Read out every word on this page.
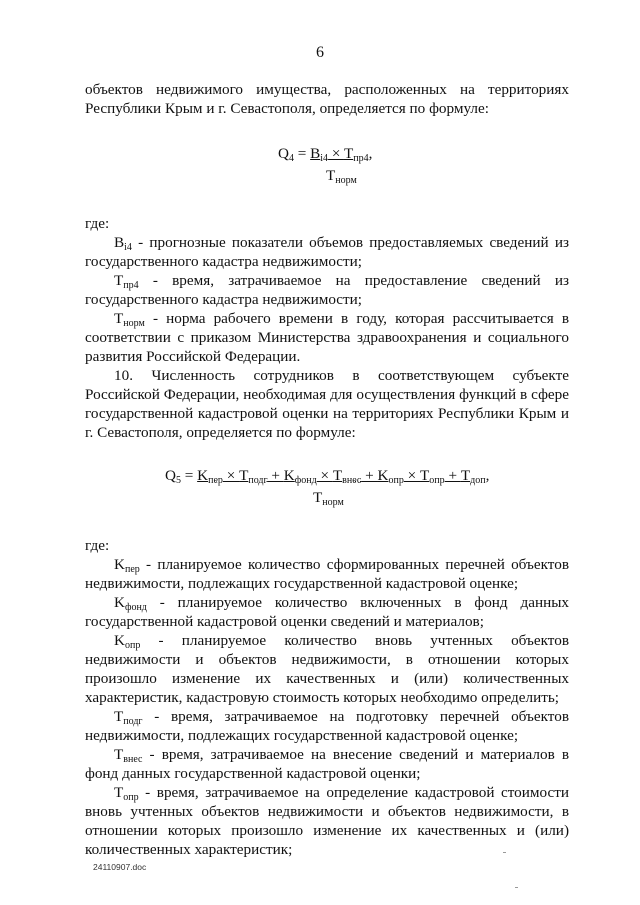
6

объектов недвижимого имущества, расположенных на территориях

Республики Крым и г. Севастополя, определяется по формуле:

$Q_4 = B_{i4} \times T_{пр4}$,
$T_{норм}$

где:

$B_{i4}$ - прогнозные показатели объемов предоставляемых сведений из государственного кадастра недвижимости;

$T_{пр4}$ - время, затрачиваемое на предоставление сведений из государственного кадастра недвижимости;

$T_{норм}$ - норма рабочего времени в году, которая рассчитывается в соответствии с приказом Министерства здравоохранения и социального развития Российской Федерации.

10. Численность сотрудников в соответствующем субъекте Российской Федерации, необходимая для осуществления функций в сфере государственной кадастровой оценки на территориях Республики Крым и г. Севастополя, определяется по формуле:

$Q_5 = K_{пер} \times T_{подг} + K_{фонд} \times T_{внес} + K_{опр} \times T_{опр} + T_{доп}$,
$T_{норм}$

где:

$K_{пер}$ - планируемое количество сформированных перечней объектов недвижимости, подлежащих государственной кадастровой оценке;

$K_{фонд}$ - планируемое количество включенных в фонд данных государственной кадастровой оценки сведений и материалов;

$K_{опр}$ - планируемое количество вновь учтенных объектов недвижимости и объектов недвижимости, в отношении которых произошло изменение их качественных и (или) количественных характеристик, кадастровую стоимость которых необходимо определить;

$T_{подг}$ - время, затрачиваемое на подготовку перечней объектов недвижимости, подлежащих государственной кадастровой оценке;

$T_{внес}$ - время, затрачиваемое на внесение сведений и материалов в фонд данных государственной кадастровой оценки;

$T_{опр}$ - время, затрачиваемое на определение кадастровой стоимости вновь учтенных объектов недвижимости и объектов недвижимости, в отношении которых произошло изменение их качественных и (или) количественных характеристик;

24110907.doc
